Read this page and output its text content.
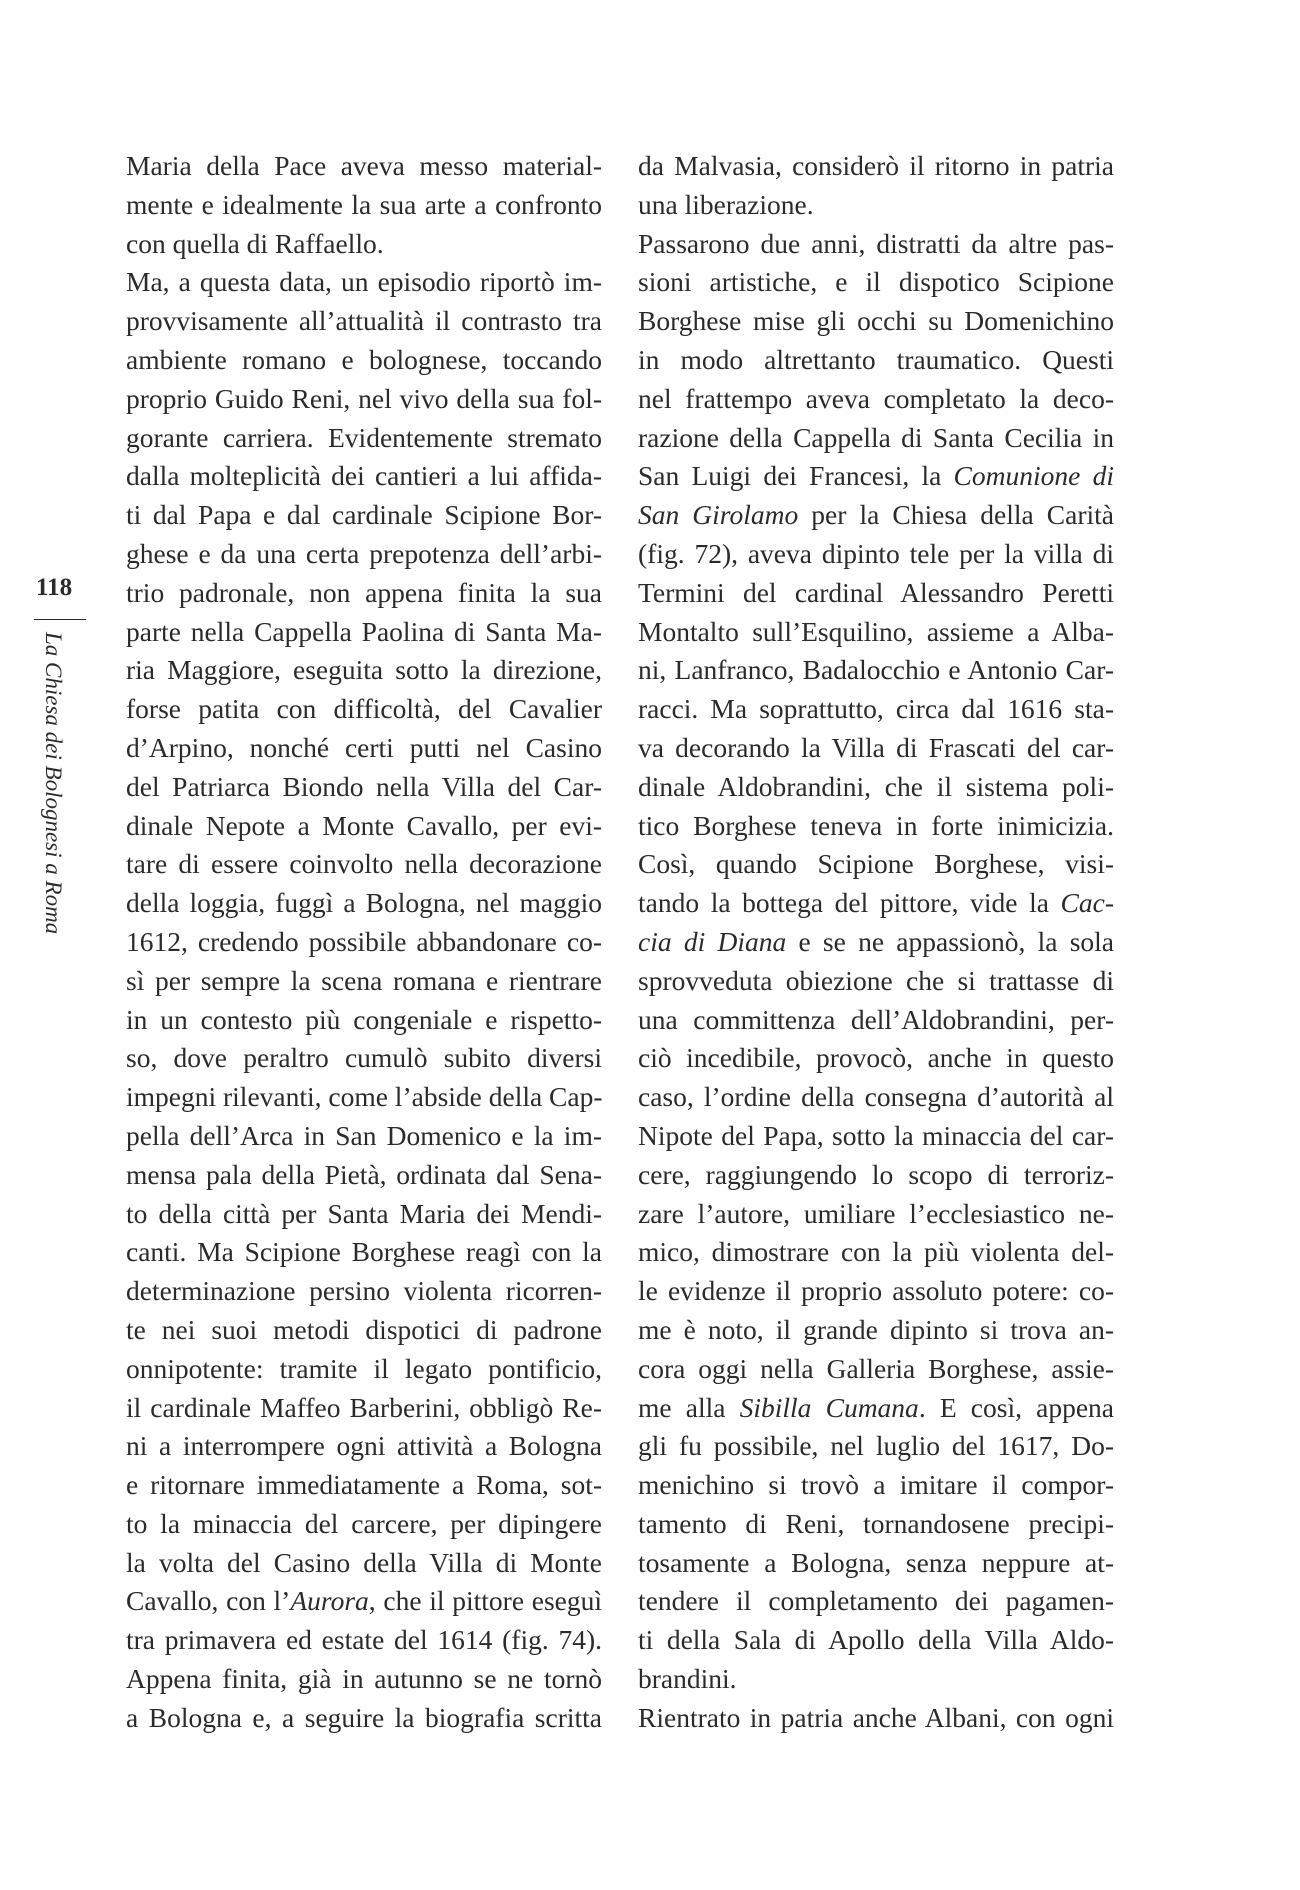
118
La Chiesa dei Bolognesi a Roma
Maria della Pace aveva messo material-
mente e idealmente la sua arte a confronto
con quella di Raffaello.
Ma, a questa data, un episodio riportò im-
provvisamente all’attualità il contrasto tra
ambiente romano e bolognese, toccando
proprio Guido Reni, nel vivo della sua fol-
gorante carriera. Evidentemente stremato
dalla molteplicità dei cantieri a lui affida-
ti dal Papa e dal cardinale Scipione Bor-
ghese e da una certa prepotenza dell’arbi-
trio padronale, non appena finita la sua
parte nella Cappella Paolina di Santa Ma-
ria Maggiore, eseguita sotto la direzione,
forse patita con difficoltà, del Cavalier
d’Arpino, nonché certi putti nel Casino
del Patriarca Biondo nella Villa del Car-
dinale Nepote a Monte Cavallo, per evi-
tare di essere coinvolto nella decorazione
della loggia, fuggì a Bologna, nel maggio
1612, credendo possibile abbandonare co-
sì per sempre la scena romana e rientrare
in un contesto più congeniale e rispetto-
so, dove peraltro cumulò subito diversi
impegni rilevanti, come l’abside della Cap-
pella dell’Arca in San Domenico e la im-
mensa pala della Pietà, ordinata dal Sena-
to della città per Santa Maria dei Mendi-
canti. Ma Scipione Borghese reagì con la
determinazione persino violenta ricorren-
te nei suoi metodi dispotici di padrone
onnipotente: tramite il legato pontificio,
il cardinale Maffeo Barberini, obbligò Re-
ni a interrompere ogni attività a Bologna
e ritornare immediatamente a Roma, sot-
to la minaccia del carcere, per dipingere
la volta del Casino della Villa di Monte
Cavallo, con l’Aurora, che il pittore eseguì
tra primavera ed estate del 1614 (fig. 74).
Appena finita, già in autunno se ne tornò
a Bologna e, a seguire la biografia scritta
da Malvasia, considerò il ritorno in patria
una liberazione.
Passarono due anni, distratti da altre pas-
sioni artistiche, e il dispotico Scipione
Borghese mise gli occhi su Domenichino
in modo altrettanto traumatico. Questi
nel frattempo aveva completato la deco-
razione della Cappella di Santa Cecilia in
San Luigi dei Francesi, la Comunione di
San Girolamo per la Chiesa della Carità
(fig. 72), aveva dipinto tele per la villa di
Termini del cardinal Alessandro Peretti
Montalto sull’Esquilino, assieme a Alba-
ni, Lanfranco, Badalocchio e Antonio Car-
racci. Ma soprattutto, circa dal 1616 sta-
va decorando la Villa di Frascati del car-
dinale Aldobrandini, che il sistema poli-
tico Borghese teneva in forte inimicizia.
Così, quando Scipione Borghese, visi-
tando la bottega del pittore, vide la Cac-
cia di Diana e se ne appassionò, la sola
sprovveduta obiezione che si trattasse di
una committenza dell’Aldobrandini, per-
ciò incedibile, provocò, anche in questo
caso, l’ordine della consegna d’autorità al
Nipote del Papa, sotto la minaccia del car-
cere, raggiungendo lo scopo di terroriz-
zare l’autore, umiliare l’ecclesiastico ne-
mico, dimostrare con la più violenta del-
le evidenze il proprio assoluto potere: co-
me è noto, il grande dipinto si trova an-
cora oggi nella Galleria Borghese, assie-
me alla Sibilla Cumana. E così, appena
gli fu possibile, nel luglio del 1617, Do-
menichino si trovò a imitare il compor-
tamento di Reni, tornandosene precipi-
tosamente a Bologna, senza neppure at-
tendere il completamento dei pagamen-
ti della Sala di Apollo della Villa Aldo-
brandini.
Rientrato in patria anche Albani, con ogni
